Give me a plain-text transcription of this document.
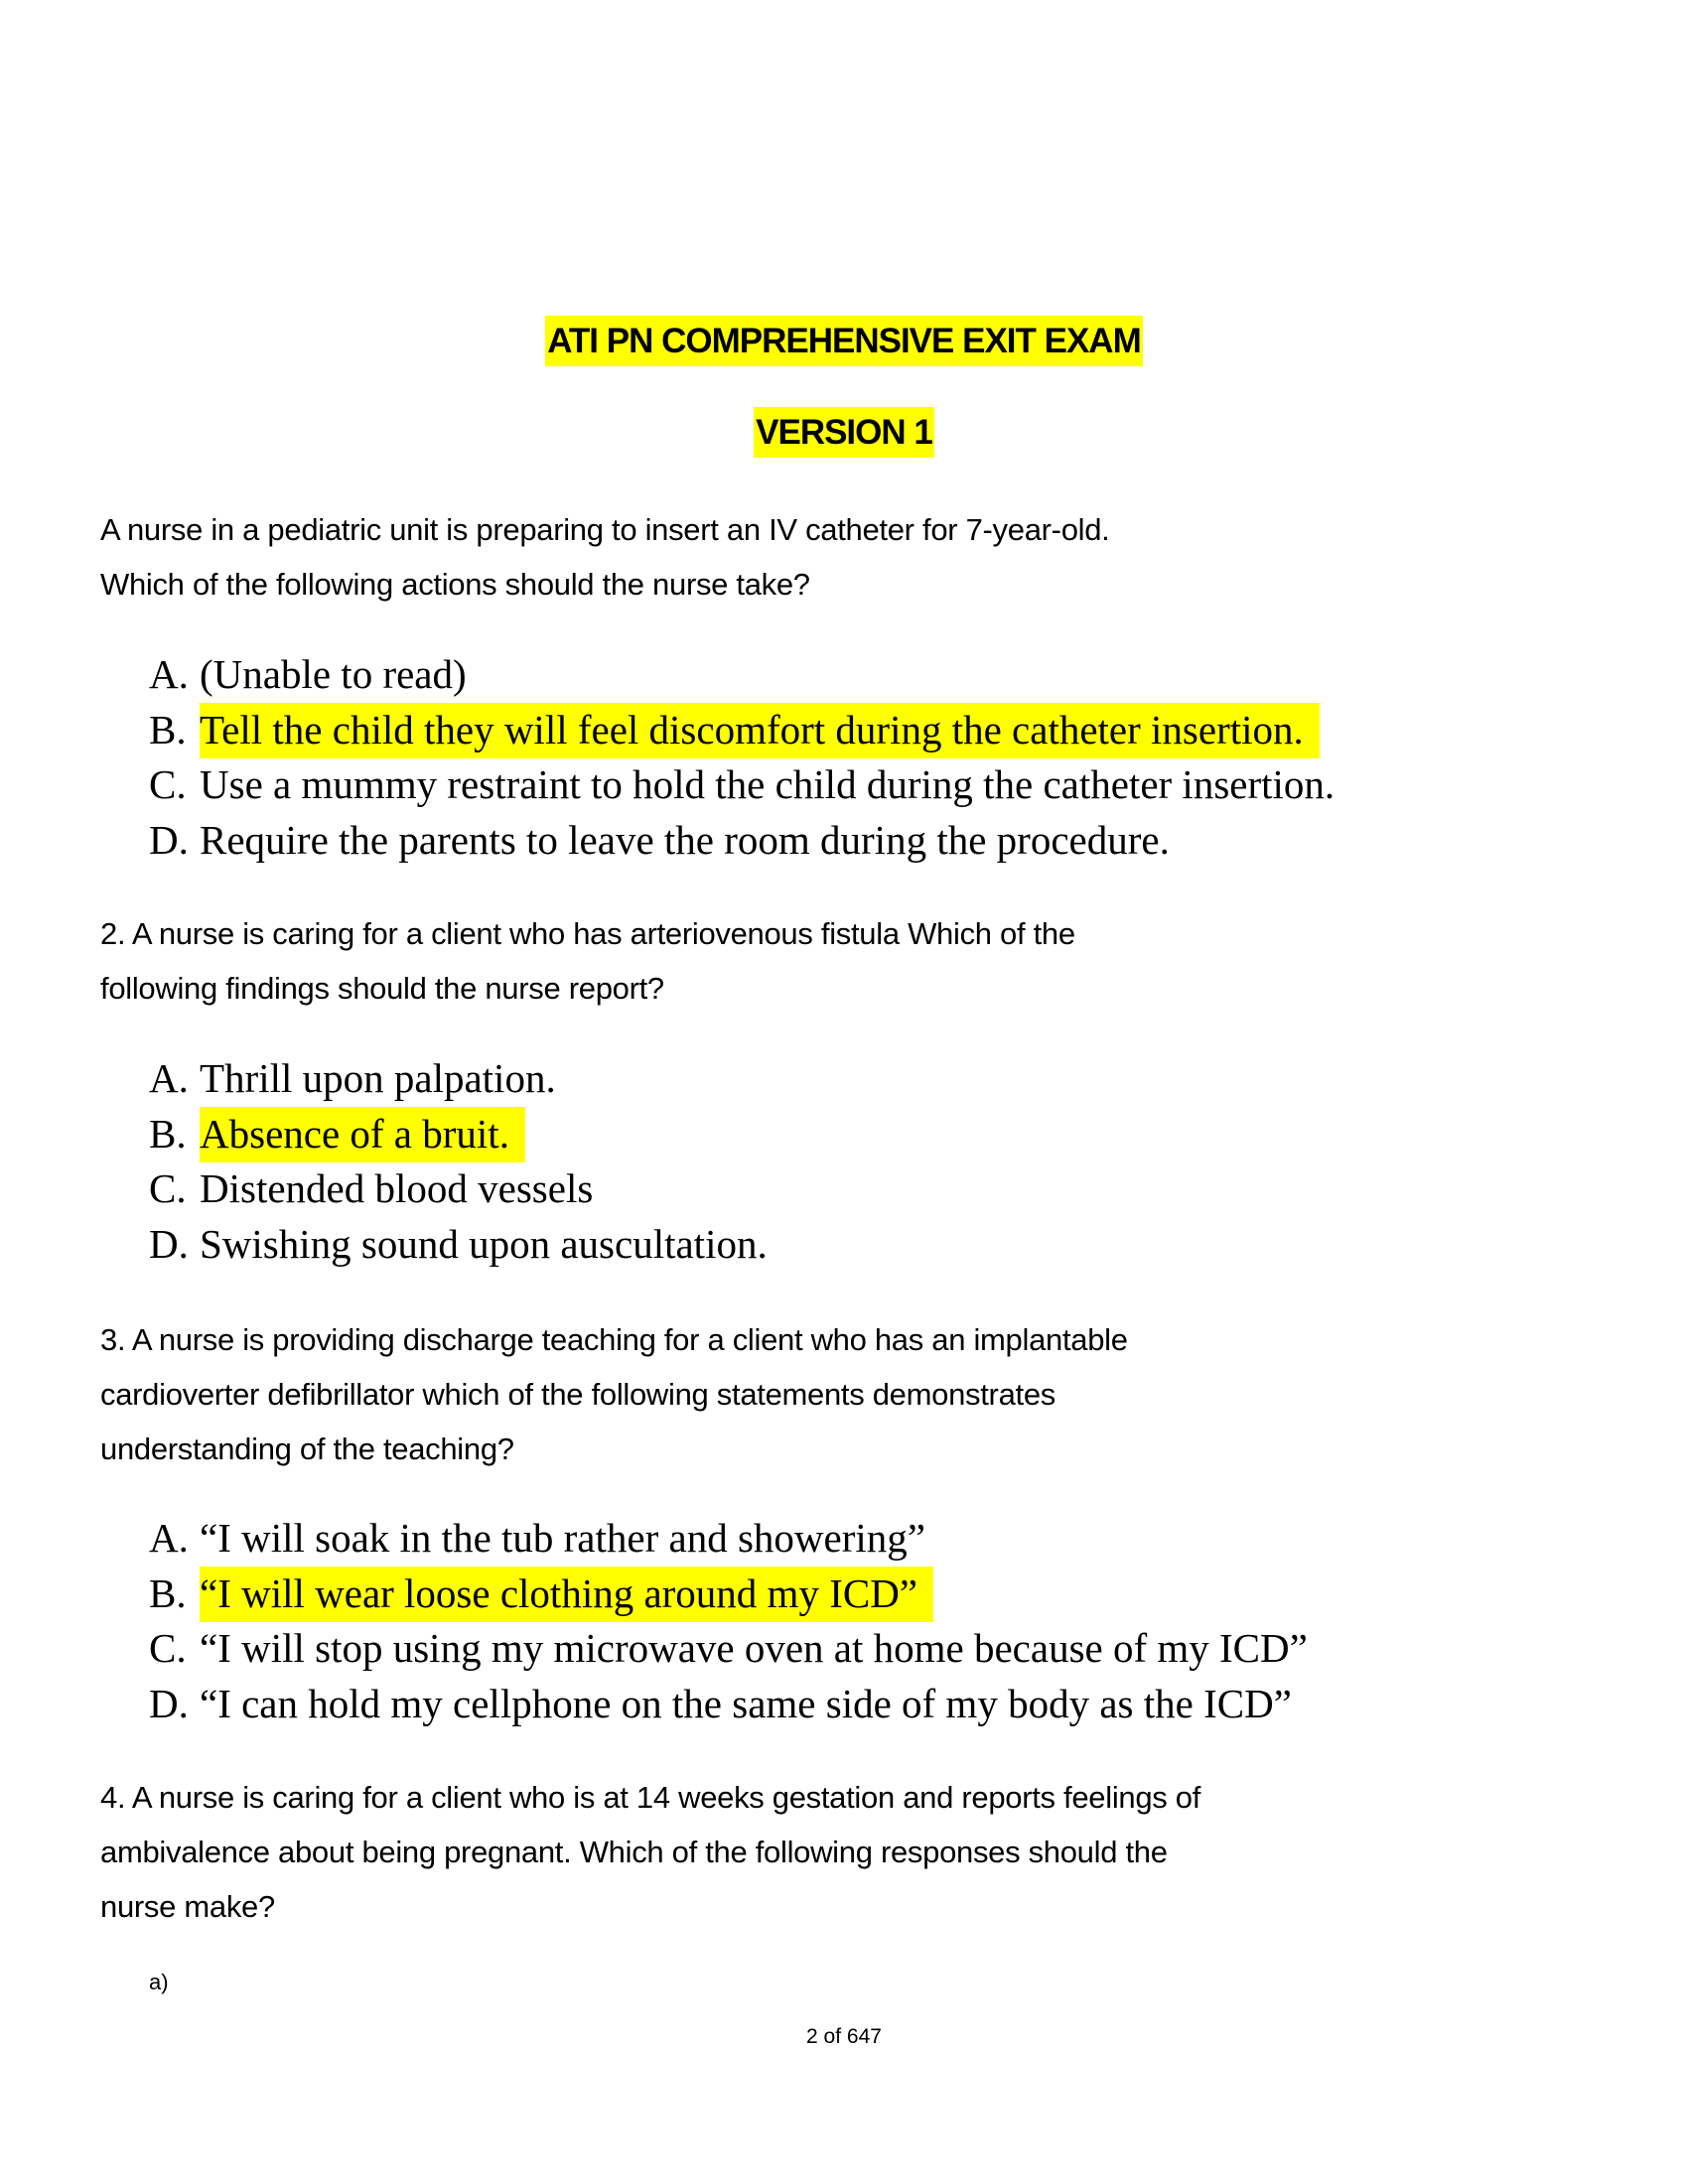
ATI PN COMPREHENSIVE EXIT EXAM
VERSION 1
A nurse in a pediatric unit is preparing to insert an IV catheter for 7-year-old.
Which of the following actions should the nurse take?
A. (Unable to read)
B. Tell the child they will feel discomfort during the catheter insertion.
C. Use a mummy restraint to hold the child during the catheter insertion.
D. Require the parents to leave the room during the procedure.
2. A nurse is caring for a client who has arteriovenous fistula Which of the
following findings should the nurse report?
A. Thrill upon palpation.
B. Absence of a bruit.
C. Distended blood vessels
D. Swishing sound upon auscultation.
3. A nurse is providing discharge teaching for a client who has an implantable
cardioverter defibrillator which of the following statements demonstrates
understanding of the teaching?
A. “I will soak in the tub rather and showering”
B. “I will wear loose clothing around my ICD”
C. “I will stop using my microwave oven at home because of my ICD”
D. “I can hold my cellphone on the same side of my body as the ICD”
4. A nurse is caring for a client who is at 14 weeks gestation and reports feelings of
ambivalence about being pregnant. Which of the following responses should the
nurse make?
a)
2 of 647
